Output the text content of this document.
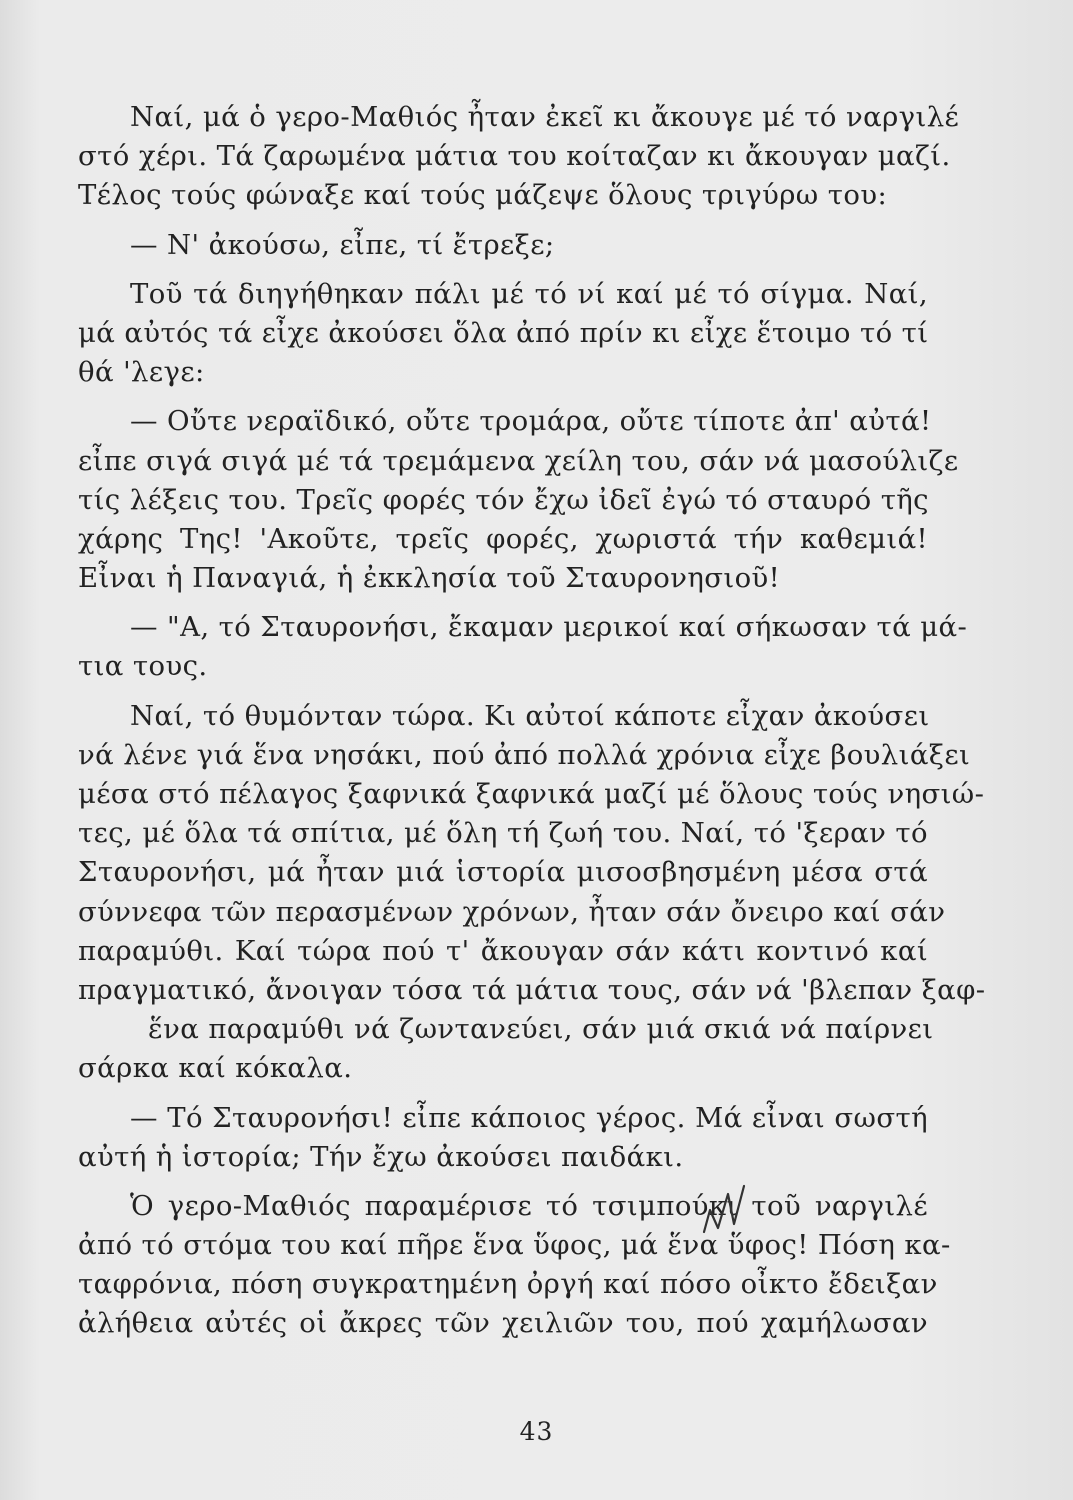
Ναί, μά ὁ γερο-Μαθιός ἦταν ἐκεῖ κι ἄκουγε μέ τό ναργιλέ
στό χέρι. Τά ζαρωμένα μάτια του κοίταζαν κι ἄκουγαν μαζί.
Τέλος τούς φώναξε καί τούς μάζεψε ὅλους τριγύρω του:
— Ν' ἀκούσω, εἶπε, τί ἔτρεξε;
Τοῦ τά διηγήθηκαν πάλι μέ τό νί καί μέ τό σίγμα. Ναί,
μά αὐτός τά εἶχε ἀκούσει ὅλα ἀπό πρίν κι εἶχε ἕτοιμο τό τί
θά 'λεγε:
— Οὔτε νεραϊδικό, οὔτε τρομάρα, οὔτε τίποτε ἀπ' αὐτά!
εἶπε σιγά σιγά μέ τά τρεμάμενα χείλη του, σάν νά μασούλιζε
τίς λέξεις του. Τρεῖς φορές τόν ἔχω ἰδεῖ ἐγώ τό σταυρό τῆς
χάρης Της! 'Ακοῦτε, τρεῖς φορές, χωριστά τήν καθεμιά!
Εἶναι ἡ Παναγιά, ἡ ἐκκλησία τοῦ Σταυρονησιοῦ!
— "Α, τό Σταυρονήσι, ἔκαμαν μερικοί καί σήκωσαν τά μά-
τια τους.
Ναί, τό θυμόνταν τώρα. Κι αὐτοί κάποτε εἶχαν ἀκούσει
νά λένε γιά ἕνα νησάκι, πού ἀπό πολλά χρόνια εἶχε βουλιάξει
μέσα στό πέλαγος ξαφνικά ξαφνικά μαζί μέ ὅλους τούς νησιώ-
τες, μέ ὅλα τά σπίτια, μέ ὅλη τή ζωή του. Ναί, τό 'ξεραν τό
Σταυρονήσι, μά ἦταν μιά ἱστορία μισοσβησμένη μέσα στά
σύννεφα τῶν περασμένων χρόνων, ἦταν σάν ὄνειρο καί σάν
παραμύθι. Καί τώρα πού τ' ἄκουγαν σάν κάτι κοντινό καί
πραγματικό, ἄνοιγαν τόσα τά μάτια τους, σάν νά 'βλεπαν ξαφ-
ἕνα παραμύθι νά ζωντανεύει, σάν μιά σκιά νά παίρνει
σάρκα καί κόκαλα.
— Τό Σταυρονήσι! εἶπε κάποιος γέρος. Μά εἶναι σωστή
αὐτή ἡ ἱστορία; Τήν ἔχω ἀκούσει παιδάκι.
Ὁ γερο-Μαθιός παραμέρισε τό τσιμπούκι τοῦ ναργιλέ
ἀπό τό στόμα του καί πῆρε ἕνα ὕφος, μά ἕνα ὕφος! Πόση κα-
ταφρόνια, πόση συγκρατημένη ὀργή καί πόσο οἶκτο ἔδειξαν
ἀλήθεια αὐτές οἱ ἄκρες τῶν χειλιῶν του, πού χαμήλωσαν
43
